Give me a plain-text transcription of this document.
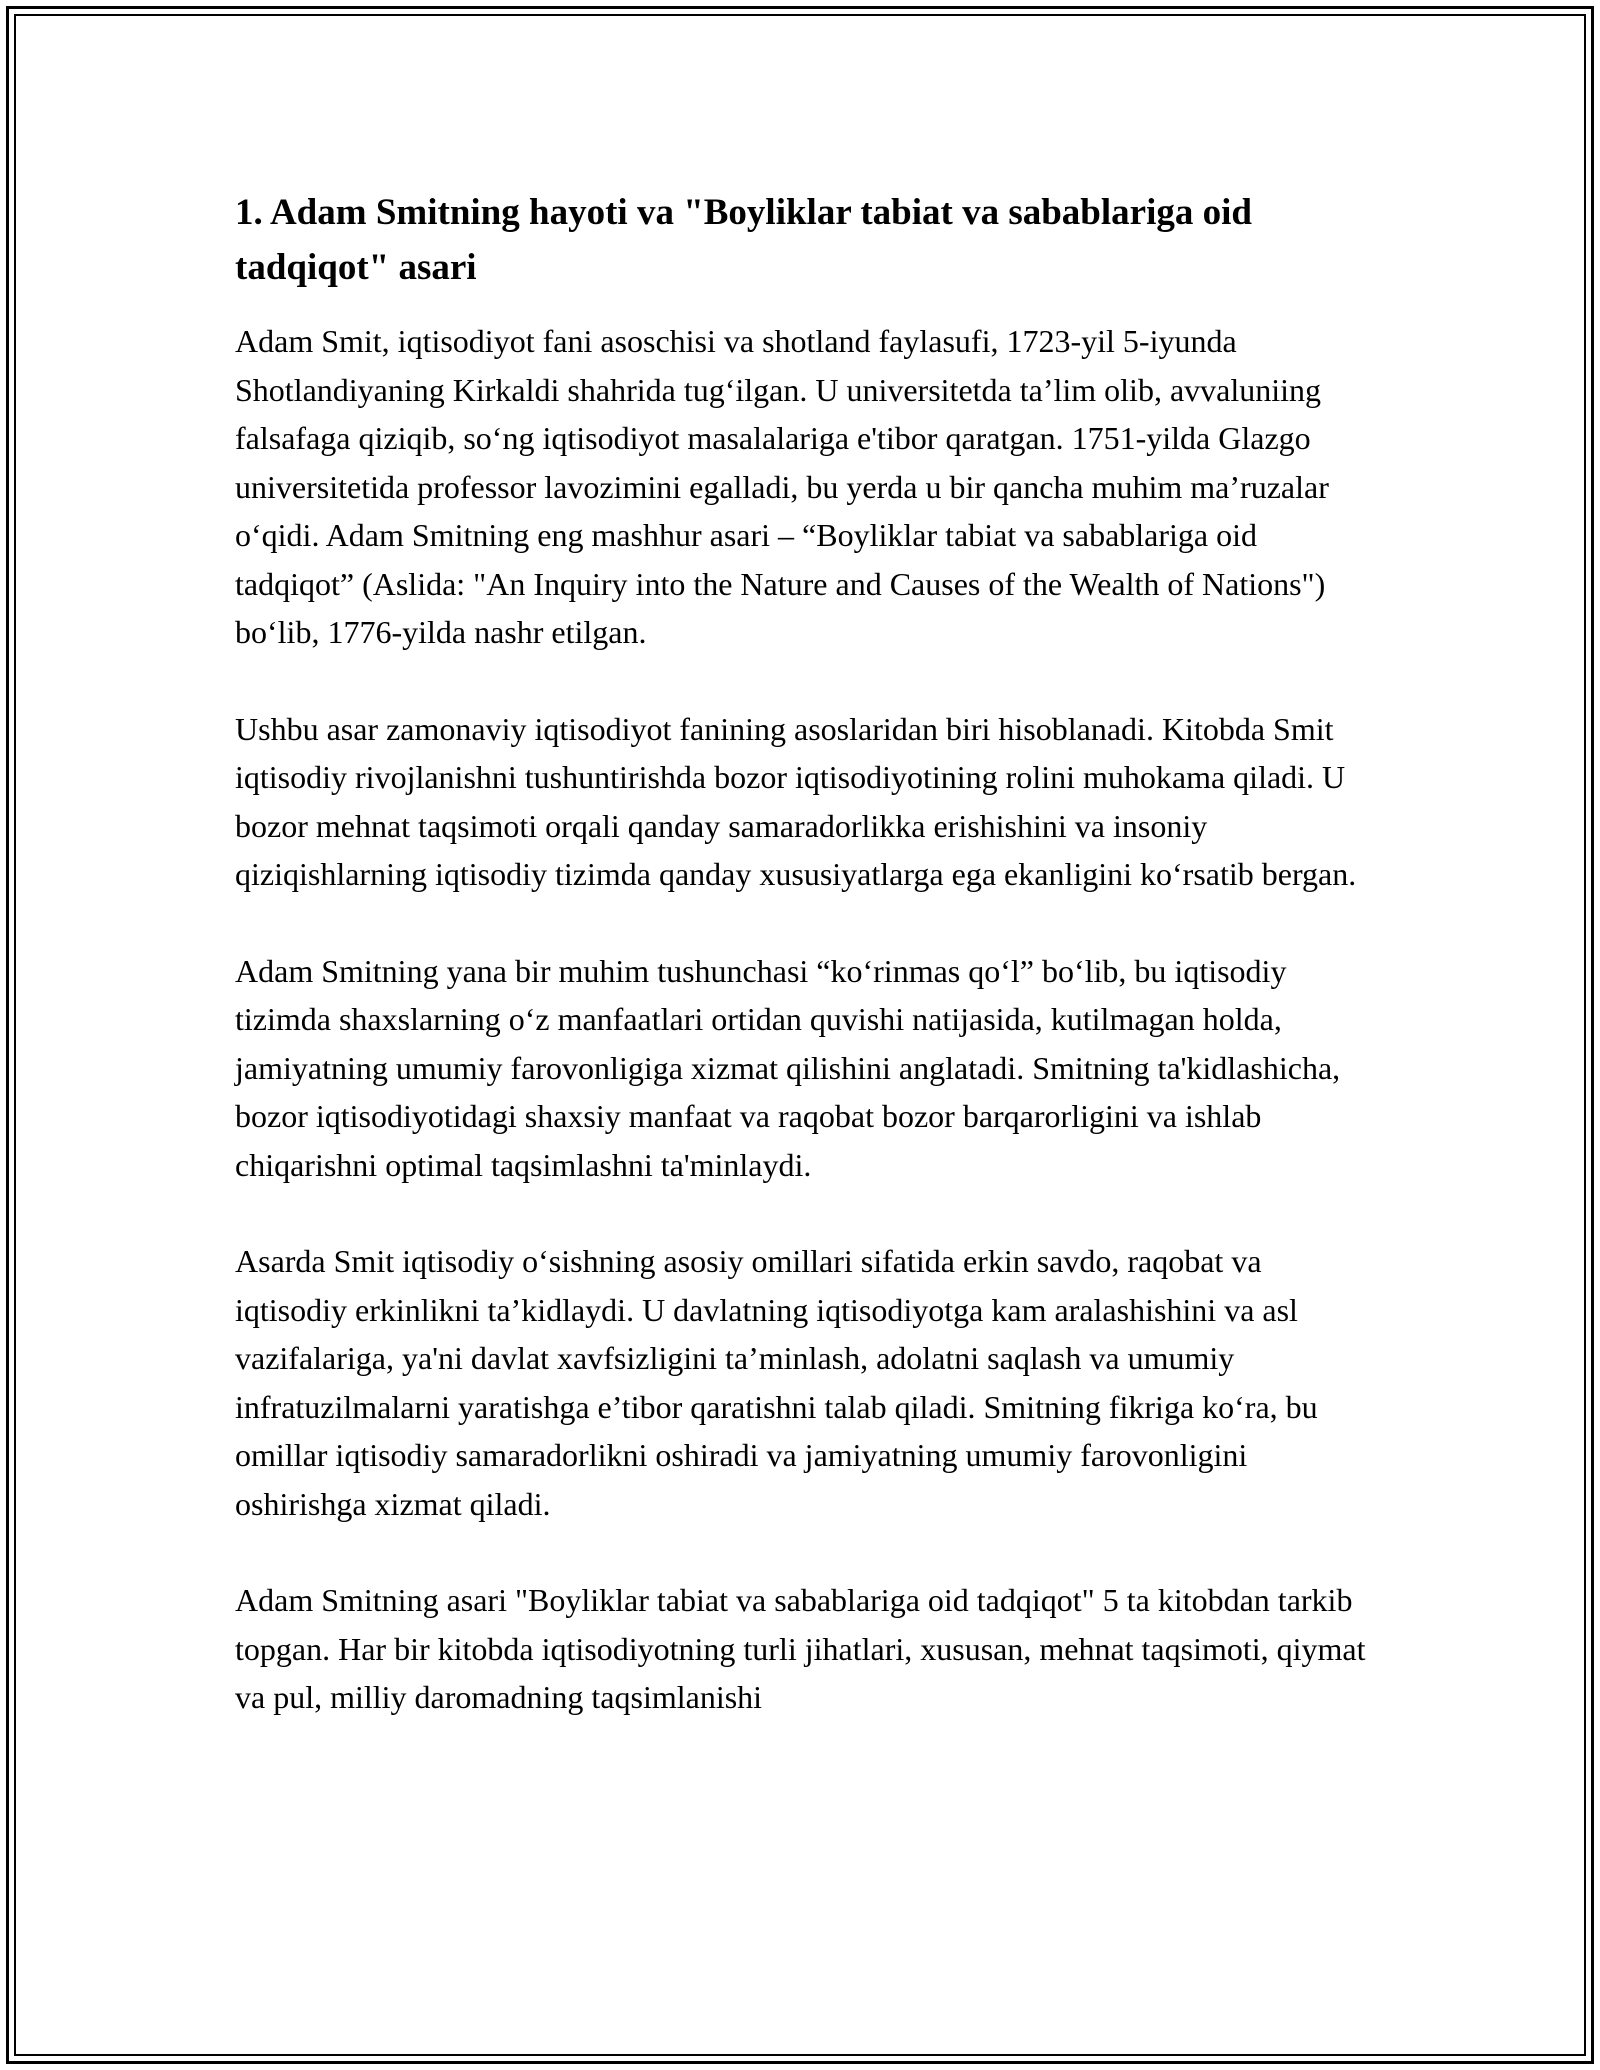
1. Adam Smitning hayoti va "Boyliklar tabiat va sabablariga oid tadqiqot" asari

Adam Smit, iqtisodiyot fani asoschisi va shotland faylasufi, 1723-yil 5-iyunda Shotlandiyaning Kirkaldi shahrida tug‘ilgan. U universitetda ta’lim olib, avvaluniing falsafaga qiziqib, so‘ng iqtisodiyot masalalariga e'tibor qaratgan. 1751-yilda Glazgo universitetida professor lavozimini egalladi, bu yerda u bir qancha muhim ma’ruzalar o‘qidi. Adam Smitning eng mashhur asari – “Boyliklar tabiat va sabablariga oid tadqiqot” (Aslida: "An Inquiry into the Nature and Causes of the Wealth of Nations") bo‘lib, 1776-yilda nashr etilgan.

Ushbu asar zamonaviy iqtisodiyot fanining asoslaridan biri hisoblanadi. Kitobda Smit iqtisodiy rivojlanishni tushuntirishda bozor iqtisodiyotining rolini muhokama qiladi. U bozor mehnat taqsimoti orqali qanday samaradorlikka erishishini va insoniy qiziqishlarning iqtisodiy tizimda qanday xususiyatlarga ega ekanligini ko‘rsatib bergan.

Adam Smitning yana bir muhim tushunchasi “ko‘rinmas qo‘l” bo‘lib, bu iqtisodiy tizimda shaxslarning o‘z manfaatlari ortidan quvishi natijasida, kutilmagan holda, jamiyatning umumiy farovonligiga xizmat qilishini anglatadi. Smitning ta'kidlashicha, bozor iqtisodiyotidagi shaxsiy manfaat va raqobat bozor barqarorligini va ishlab chiqarishni optimal taqsimlashni ta'minlaydi.

Asarda Smit iqtisodiy o‘sishning asosiy omillari sifatida erkin savdo, raqobat va iqtisodiy erkinlikni ta’kidlaydi. U davlatning iqtisodiyotga kam aralashishini va asl vazifalariga, ya'ni davlat xavfsizligini ta’minlash, adolatni saqlash va umumiy infratuzilmalarni yaratishga e’tibor qaratishni talab qiladi. Smitning fikriga ko‘ra, bu omillar iqtisodiy samaradorlikni oshiradi va jamiyatning umumiy farovonligini oshirishga xizmat qiladi.

Adam Smitning asari "Boyliklar tabiat va sabablariga oid tadqiqot" 5 ta kitobdan tarkib topgan. Har bir kitobda iqtisodiyotning turli jihatlari, xususan, mehnat taqsimoti, qiymat va pul, milliy daromadning taqsimlanishi
